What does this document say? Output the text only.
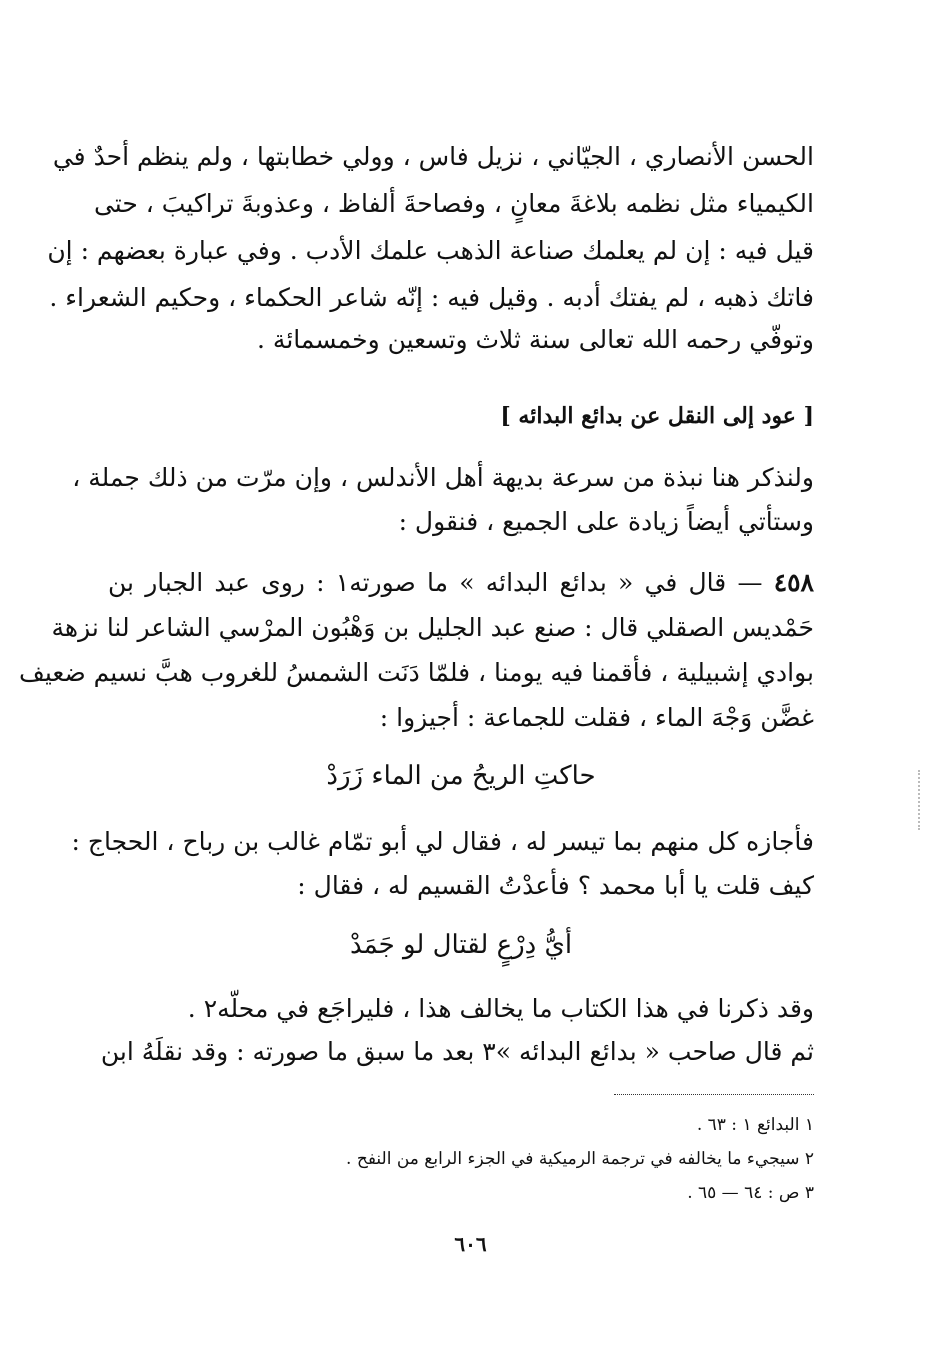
الحسن الأنصاري ، الجيّاني ، نزيل فاس ، وولي خطابتها ، ولم ينظم أحدٌ في
الكيمياء مثل نظمه بلاغةَ معانٍ ، وفصاحةَ ألفاظ ، وعذوبةَ تراكيبَ ، حتى
قيل فيه : إن لم يعلمك صناعة الذهب علمك الأدب . وفي عبارة بعضهم : إن
فاتك ذهبه ، لم يفتك أدبه . وقيل فيه : إنّه شاعر الحكماء ، وحكيم الشعراء .
وتوفّي رحمه الله تعالى سنة ثلاث وتسعين وخمسمائة .
[ عود إلى النقل عن بدائع البدائه ]
ولنذكر هنا نبذة من سرعة بديهة أهل الأندلس ، وإن مرّت من ذلك جملة ،
وستأتي أيضاً زيادة على الجميع ، فنقول :
٤٥٨ — قال في « بدائع البدائه » ما صورته١ : روى عبد الجبار بن
حَمْديس الصقلي قال : صنع عبد الجليل بن وَهْبُون المرْسي الشاعر لنا نزهة
بوادي إشبيلية ، فأقمنا فيه يومنا ، فلمّا دَنَت الشمسُ للغروب هبَّ نسيم ضعيف
غضَّن وَجْهَ الماء ، فقلت للجماعة : أجيزوا :
حاكتِ الريحُ من الماء زَرَدْ
فأجازه كل منهم بما تيسر له ، فقال لي أبو تمّام غالب بن رباح ، الحجاج :
كيف قلت يا أبا محمد ؟ فأعدْتُ القسيم له ، فقال :
أيُّ دِرْعٍ لقتال لو جَمَدْ
وقد ذكرنا في هذا الكتاب ما يخالف هذا ، فليراجَع في محلّه٢ .
ثم قال صاحب « بدائع البدائه »٣ بعد ما سبق ما صورته : وقد نقلَهُ ابن
١ البدائع ١ : ٦٣ .
٢ سيجيء ما يخالفه في ترجمة الرميكية في الجزء الرابع من النفح .
٣ ص : ٦٤ — ٦٥ .
٦٠٦
